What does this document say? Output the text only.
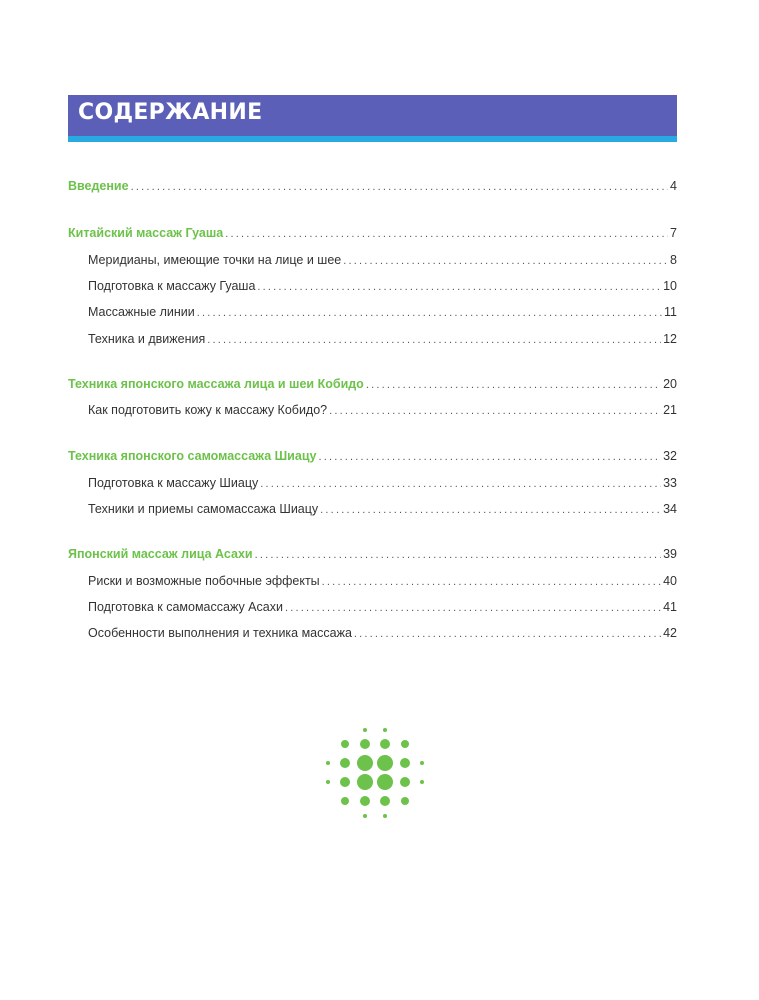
СОДЕРЖАНИЕ
Введение .....	4
Китайский массаж Гуаша .....	7
Меридианы, имеющие точки на лице и шее .....	8
Подготовка к массажу Гуаша .....	10
Массажные линии .....	11
Техника и движения .....	12
Техника японского массажа лица и шеи Кобидо .....	20
Как подготовить кожу к массажу Кобидо? .....	21
Техника японского самомассажа Шиацу .....	32
Подготовка к массажу Шиацу .....	33
Техники и приемы самомассажа Шиацу .....	34
Японский массаж лица Асахи .....	39
Риски и возможные побочные эффекты .....	40
Подготовка к самомассажу Асахи .....	41
Особенности выполнения и техника массажа .....	42
